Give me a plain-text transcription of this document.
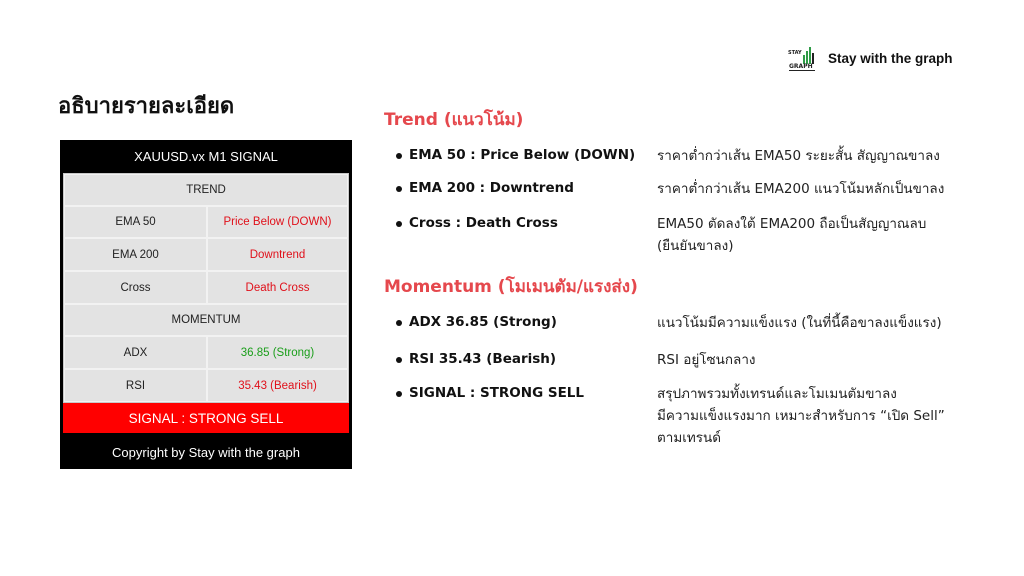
STAY
GRAPH
Stay with the graph
อธิบายรายละเอียด
XAUUSD.vx M1 SIGNAL
TREND
EMA 50	Price Below (DOWN)
EMA 200	Downtrend
Cross	Death Cross
MOMENTUM
ADX	36.85 (Strong)
RSI	35.43 (Bearish)
SIGNAL : STRONG SELL
Copyright by Stay with the graph
Trend (แนวโน้ม)
EMA 50 : Price Below (DOWN) ราคาต่ำกว่าเส้น EMA50 ระยะสั้น สัญญาณขาลง
EMA 200 : Downtrend	ราคาต่ำกว่าเส้น EMA200 แนวโน้มหลักเป็นขาลง
Cross : Death Cross	EMA50 ตัดลงใต้ EMA200 ถือเป็นสัญญาณลบ
(ยืนยันขาลง)
Momentum (โมเมนตัม/แรงส่ง)
ADX 36.85 (Strong)	แนวโน้มมีความแข็งแรง (ในที่นี้คือขาลงแข็งแรง)
RSI 35.43 (Bearish)	RSI อยู่โซนกลาง
SIGNAL : STRONG SELL	สรุปภาพรวมทั้งเทรนด์และโมเมนตัมขาลง
มีความแข็งแรงมาก เหมาะสำหรับการ “เปิด Sell”
ตามเทรนด์
